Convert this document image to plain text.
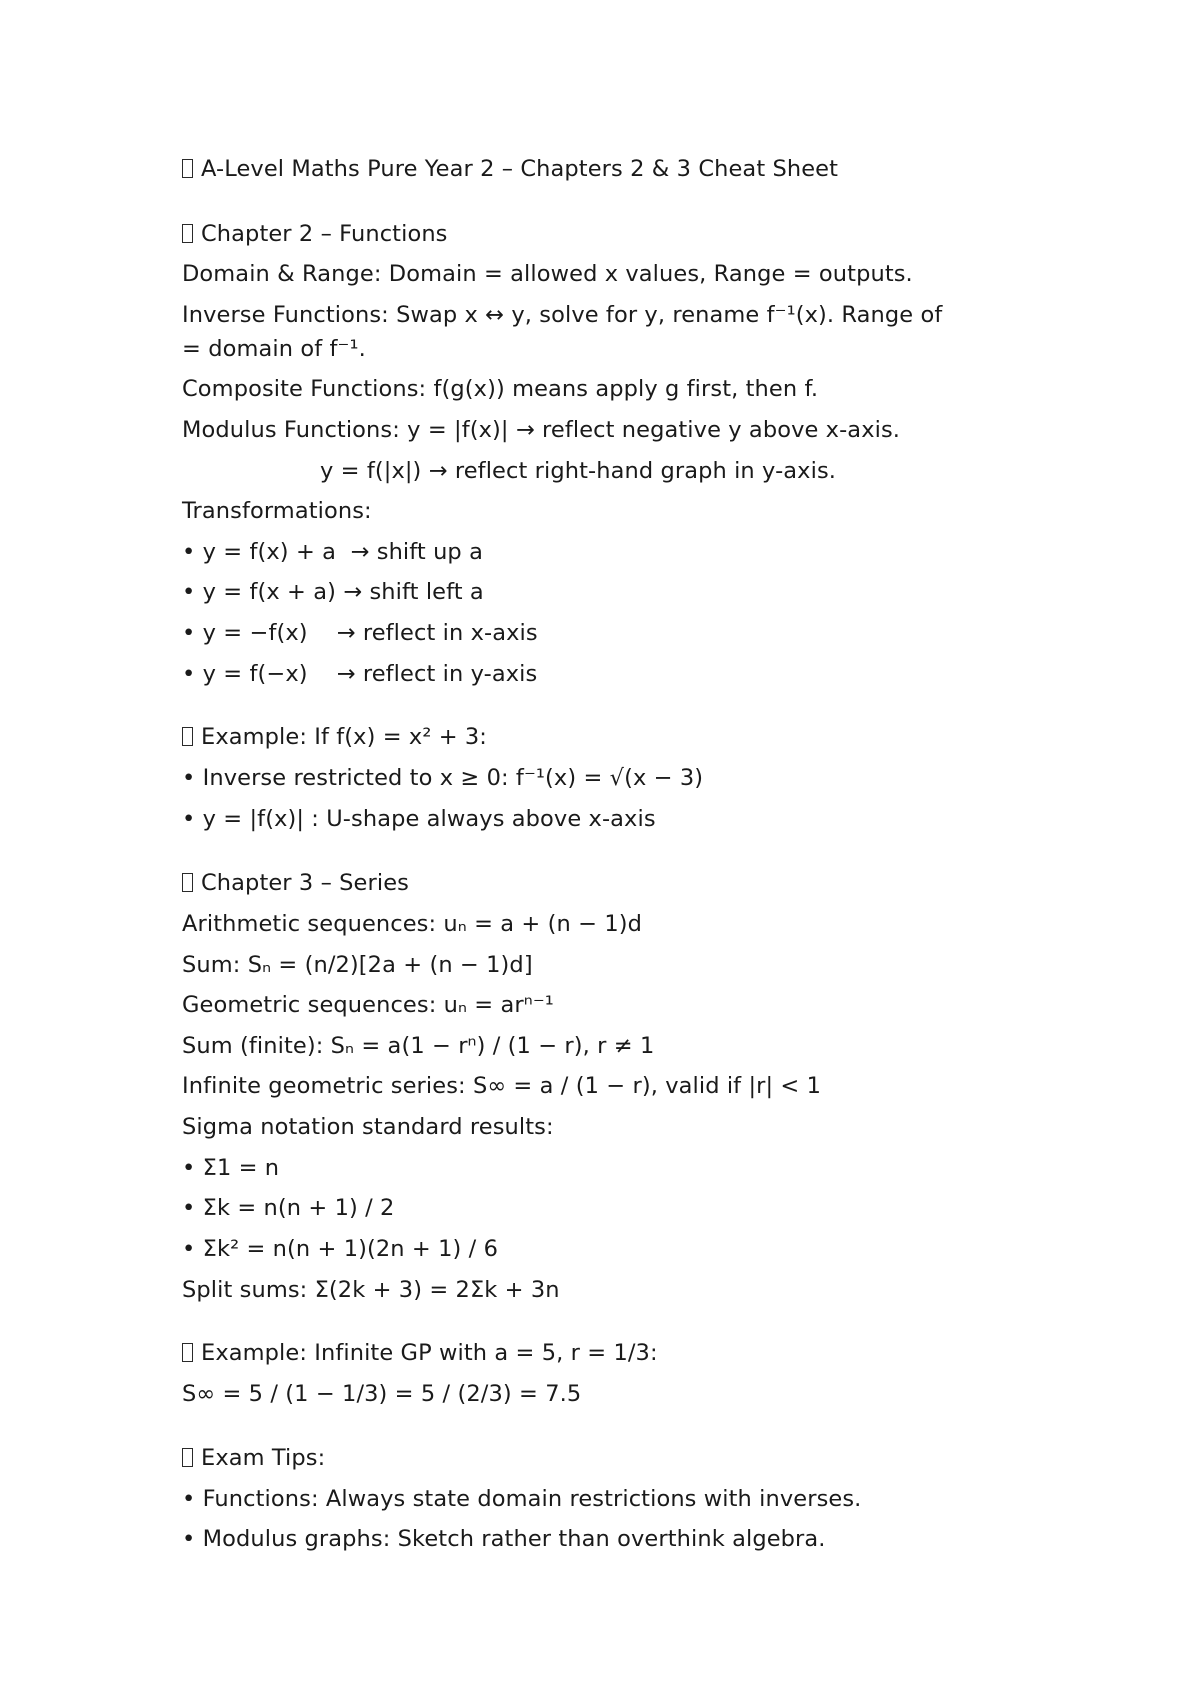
A-Level Maths Pure Year 2 – Chapters 2 & 3 Cheat Sheet

Chapter 2 – Functions

Domain & Range: Domain = allowed x values, Range = outputs.

Inverse Functions: Swap x ↔ y, solve for y, rename f⁻¹(x). Range of

= domain of f⁻¹.

Composite Functions: f(g(x)) means apply g first, then f.

Modulus Functions: y = |f(x)| → reflect negative y above x-axis.

y = f(|x|) → reflect right-hand graph in y-axis.

Transformations:

• y = f(x) + a  → shift up a

• y = f(x + a) → shift left a

• y = −f(x)    → reflect in x-axis

• y = f(−x)    → reflect in y-axis

Example: If f(x) = x² + 3:

• Inverse restricted to x ≥ 0: f⁻¹(x) = √(x − 3)

• y = |f(x)| : U-shape always above x-axis

Chapter 3 – Series

Arithmetic sequences: uₙ = a + (n − 1)d

Sum: Sₙ = (n/2)[2a + (n − 1)d]

Geometric sequences: uₙ = arⁿ⁻¹

Sum (finite): Sₙ = a(1 − rⁿ) / (1 − r), r ≠ 1

Infinite geometric series: S∞ = a / (1 − r), valid if |r| < 1

Sigma notation standard results:

• Σ1 = n

• Σk = n(n + 1) / 2

• Σk² = n(n + 1)(2n + 1) / 6

Split sums: Σ(2k + 3) = 2Σk + 3n

Example: Infinite GP with a = 5, r = 1/3:

S∞ = 5 / (1 − 1/3) = 5 / (2/3) = 7.5

Exam Tips:

• Functions: Always state domain restrictions with inverses.

• Modulus graphs: Sketch rather than overthink algebra.
